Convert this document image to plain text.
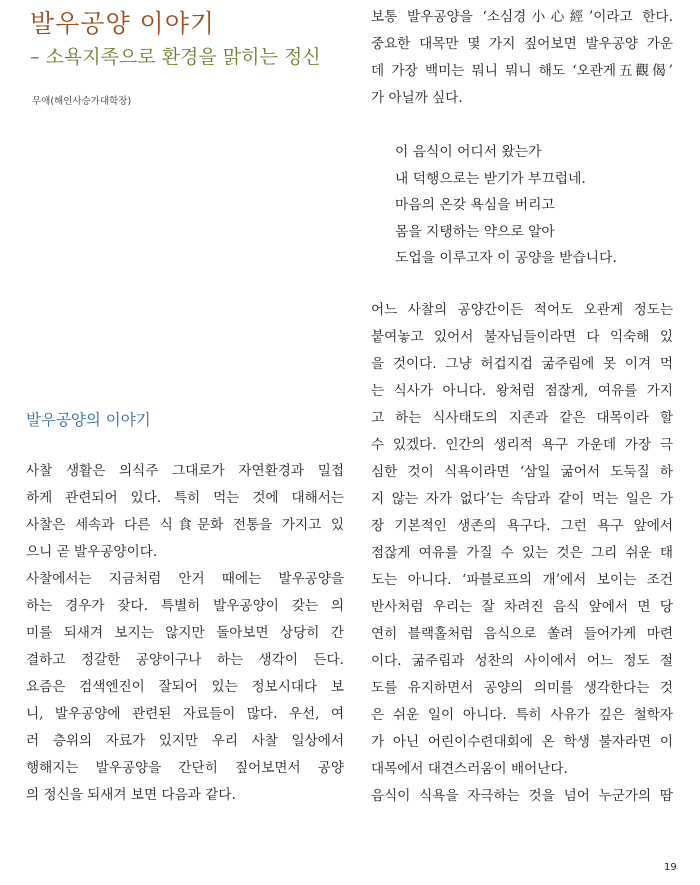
발우공양 이야기
– 소욕지족으로 환경을 맑히는 정신
무애(해인사승가대학장)
발우공양의 이야기
사찰 생활은 의식주 그대로가 자연환경과 밀접
하게 관련되어 있다. 특히 먹는 것에 대해서는
사찰은 세속과 다른 식食문화 전통을 가지고 있
으니 곧 발우공양이다.
사찰에서는 지금처럼 안거 때에는 발우공양을
하는 경우가 잦다. 특별히 발우공양이 갖는 의
미를 되새겨 보지는 않지만 돌아보면 상당히 간
결하고 정갈한 공양이구나 하는 생각이 든다.
요즘은 검색엔진이 잘되어 있는 정보시대다 보
니, 발우공양에 관련된 자료들이 많다. 우선, 여
러 층위의 자료가 있지만 우리 사찰 일상에서
행해지는 발우공양을 간단히 짚어보면서 공양
의 정신을 되새겨 보면 다음과 같다.
보통 발우공양을 ‘소심경小心經’이라고 한다.
중요한 대목만 몇 가지 짚어보면 발우공양 가운
데 가장 백미는 뭐니 뭐니 해도 ‘오관게五觀偈’
가 아닐까 싶다.
이 음식이 어디서 왔는가
내 덕행으로는 받기가 부끄럽네.
마음의 온갖 욕심을 버리고
몸을 지탱하는 약으로 알아
도업을 이루고자 이 공양을 받습니다.
어느 사찰의 공양간이든 적어도 오관게 정도는
붙여놓고 있어서 불자님들이라면 다 익숙해 있
을 것이다. 그냥 허겁지겁 굶주림에 못 이겨 먹
는 식사가 아니다. 왕처럼 점잖게, 여유를 가지
고 하는 식사태도의 지존과 같은 대목이라 할
수 있겠다. 인간의 생리적 욕구 가운데 가장 극
심한 것이 식욕이라면 ‘삼일 굶어서 도둑질 하
지 않는 자가 없다’는 속담과 같이 먹는 일은 가
장 기본적인 생존의 욕구다. 그런 욕구 앞에서
점잖게 여유를 가질 수 있는 것은 그리 쉬운 태
도는 아니다. ‘파블로프의 개’에서 보이는 조건
반사처럼 우리는 잘 차려진 음식 앞에서 면 당
연히 블랙홀처럼 음식으로 쏠려 들어가게 마련
이다. 굶주림과 성찬의 사이에서 어느 정도 절
도를 유지하면서 공양의 의미를 생각한다는 것
은 쉬운 일이 아니다. 특히 사유가 깊은 철학자
가 아닌 어린이수련대회에 온 학생 불자라면 이
대목에서 대견스러움이 배어난다.
음식이 식욕을 자극하는 것을 넘어 누군가의 땀
19
